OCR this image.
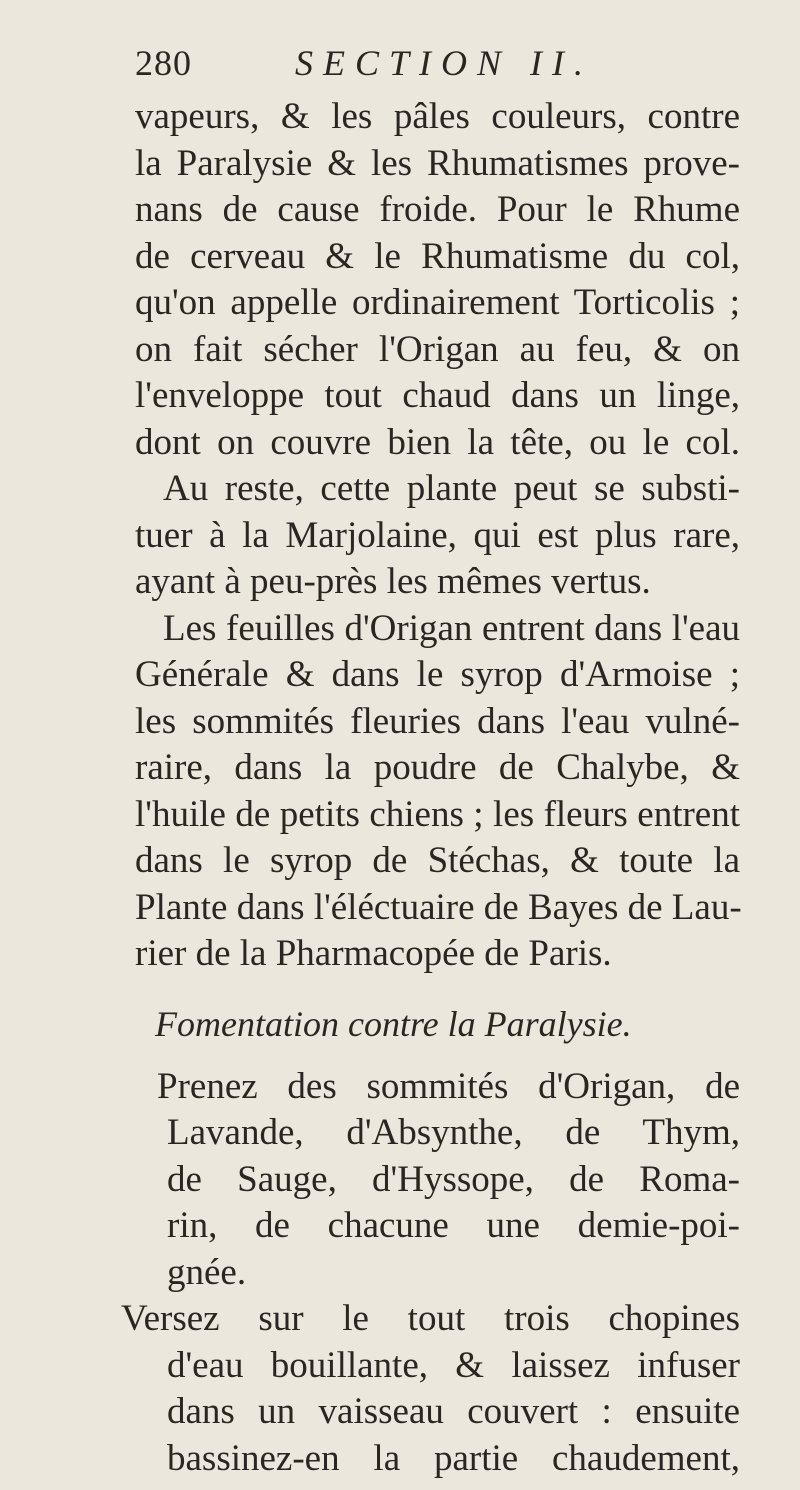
280	SECTION II.
vapeurs, & les pâles couleurs, contre
la Paralysie & les Rhumatismes prove-
nans de cause froide. Pour le Rhume
de cerveau & le Rhumatisme du col,
qu'on appelle ordinairement Torticolis ;
on fait sécher l'Origan au feu, & on
l'enveloppe tout chaud dans un linge,
dont on couvre bien la tête, ou le col.
Au reste, cette plante peut se substi-
tuer à la Marjolaine, qui est plus rare,
ayant à peu-près les mêmes vertus.
Les feuilles d'Origan entrent dans l'eau
Générale & dans le syrop d'Armoise ;
les sommités fleuries dans l'eau vulné-
raire, dans la poudre de Chalybe, &
l'huile de petits chiens ; les fleurs entrent
dans le syrop de Stéchas, & toute la
Plante dans l'éléctuaire de Bayes de Lau-
rier de la Pharmacopée de Paris.
Fomentation contre la Paralysie.
Prenez des sommités d'Origan, de
Lavande, d'Absynthe, de Thym,
de Sauge, d'Hyssope, de Roma-
rin, de chacune une demie-poi-
gnée.
Versez sur le tout trois chopines
d'eau bouillante, & laissez infuser
dans un vaisseau couvert : ensuite
bassinez-en la partie chaudement,
